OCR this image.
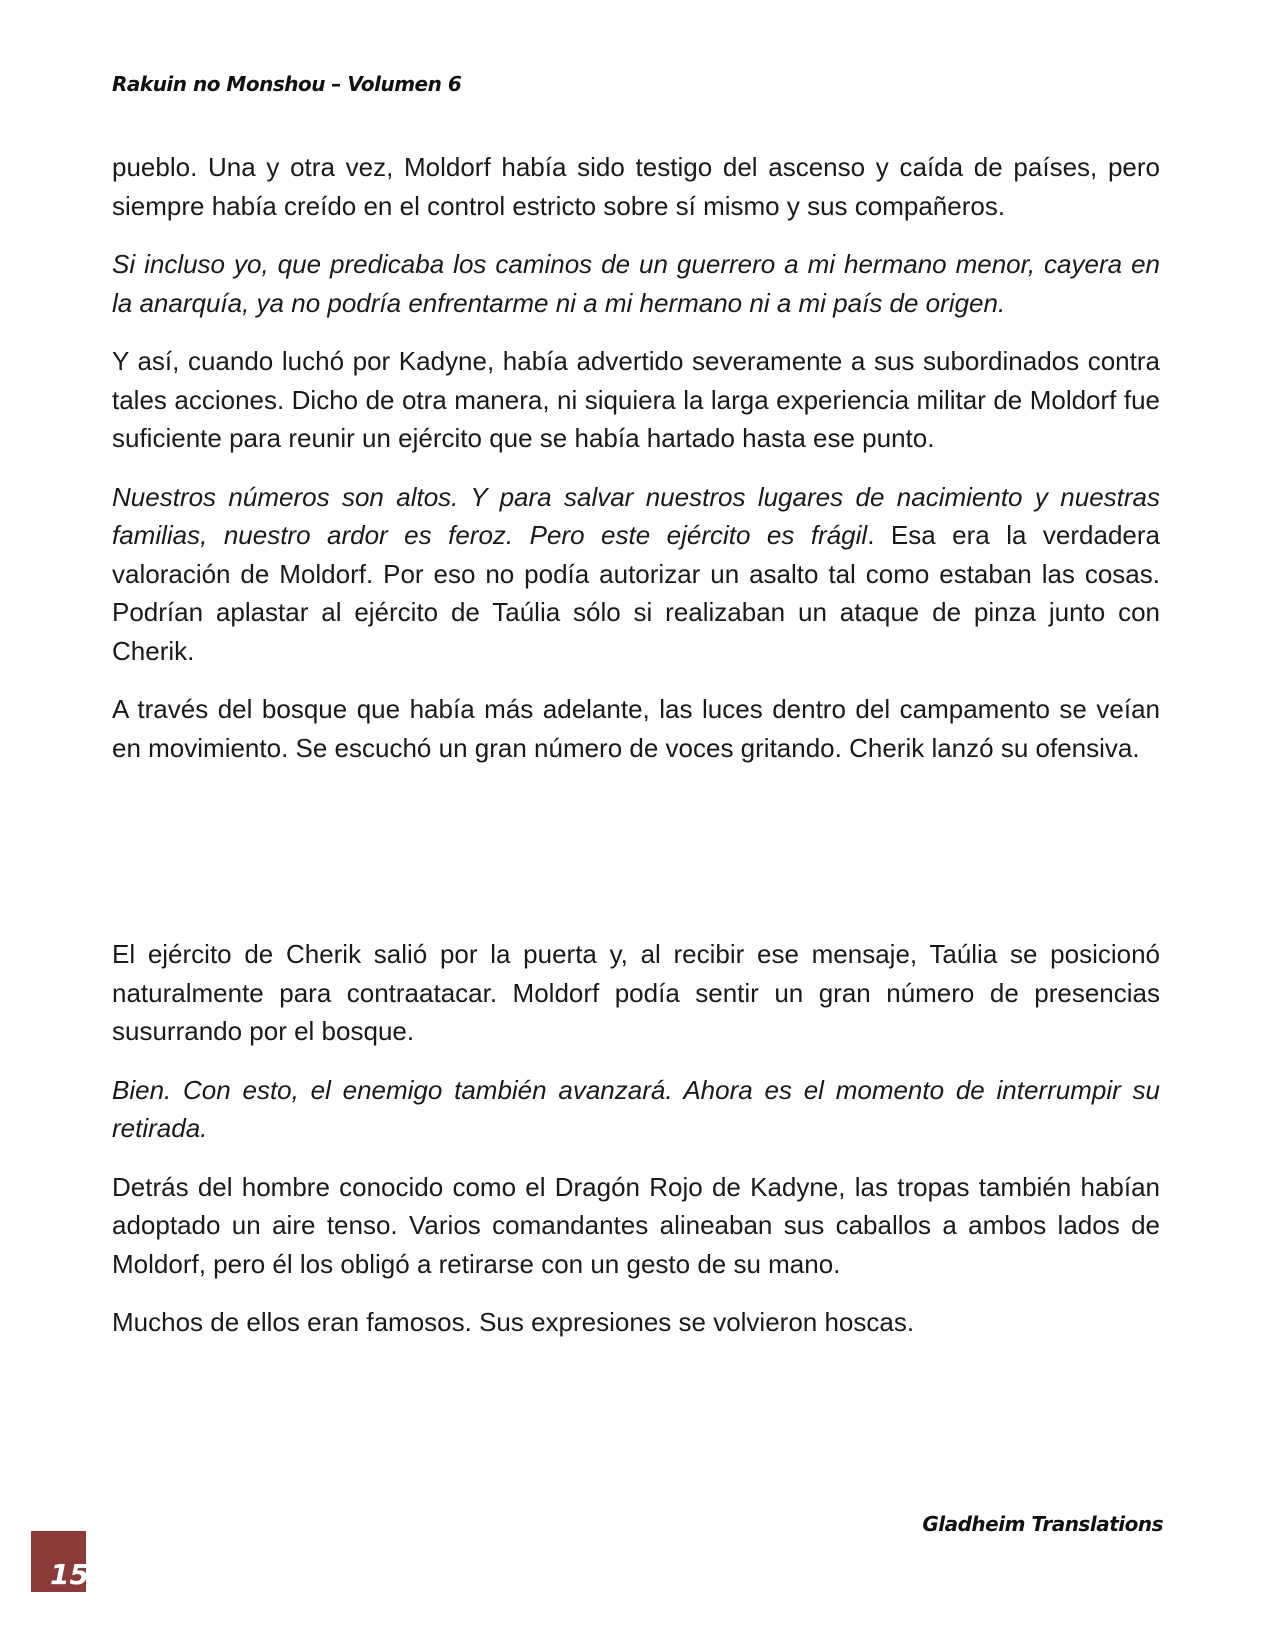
Rakuin no Monshou – Volumen 6

pueblo. Una y otra vez, Moldorf había sido testigo del ascenso y caída de países, pero siempre había creído en el control estricto sobre sí mismo y sus compañeros.

Si incluso yo, que predicaba los caminos de un guerrero a mi hermano menor, cayera en la anarquía, ya no podría enfrentarme ni a mi hermano ni a mi país de origen.

Y así, cuando luchó por Kadyne, había advertido severamente a sus subordinados contra tales acciones. Dicho de otra manera, ni siquiera la larga experiencia militar de Moldorf fue suficiente para reunir un ejército que se había hartado hasta ese punto.

Nuestros números son altos. Y para salvar nuestros lugares de nacimiento y nuestras familias, nuestro ardor es feroz. Pero este ejército es frágil. Esa era la verdadera valoración de Moldorf. Por eso no podía autorizar un asalto tal como estaban las cosas. Podrían aplastar al ejército de Taúlia sólo si realizaban un ataque de pinza junto con Cherik.

A través del bosque que había más adelante, las luces dentro del campamento se veían en movimiento. Se escuchó un gran número de voces gritando. Cherik lanzó su ofensiva.

El ejército de Cherik salió por la puerta y, al recibir ese mensaje, Taúlia se posicionó naturalmente para contraatacar. Moldorf podía sentir un gran número de presencias susurrando por el bosque.

Bien. Con esto, el enemigo también avanzará. Ahora es el momento de interrumpir su retirada.

Detrás del hombre conocido como el Dragón Rojo de Kadyne, las tropas también habían adoptado un aire tenso. Varios comandantes alineaban sus caballos a ambos lados de Moldorf, pero él los obligó a retirarse con un gesto de su mano.

Muchos de ellos eran famosos. Sus expresiones se volvieron hoscas.

Gladheim Translations
15
